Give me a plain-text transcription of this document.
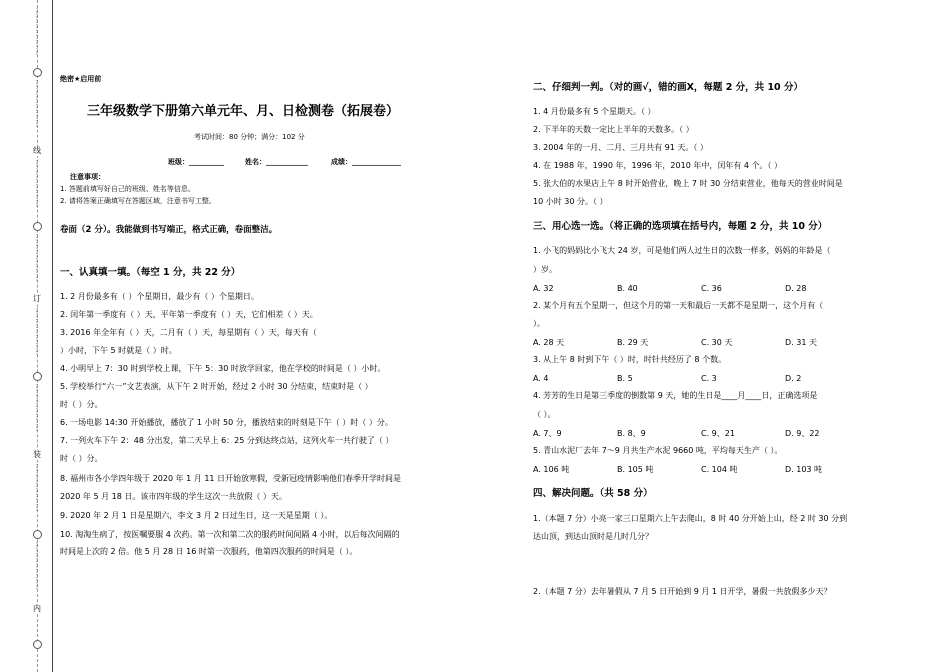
⋮
⋮
⋮
⋮
⋮
⋮
⋮
⋮
⋮
⋮
⋮
⋮
线
⋮
⋮
⋮
⋮
⋮
⋮
⋮
⋮
⋮
⋮
⋮
⋮
订
⋮
⋮
⋮
⋮
⋮
⋮
⋮
⋮
⋮
⋮
⋮
⋮
装
⋮
⋮
⋮
⋮
⋮
⋮
⋮
⋮
⋮
⋮
⋮
⋮
内
绝密★启用前
三年级数学下册第六单元年、月、日检测卷（拓展卷）
考试时间：80 分钟；满分：102 分
班级：__________	姓名：____________	成绩：______________
注意事项：
1. 答题前填写好自己的班级、姓名等信息。
2. 请将答案正确填写在答题区域，注意书写工整。
卷面（2 分）。我能做到书写端正，格式正确，卷面整洁。
一、认真填一填。（每空 1 分，共 22 分）
1. 2 月份最多有（ ）个星期日，最少有（ ）个星期日。
2. 闰年第一季度有（ ）天，平年第一季度有（ ）天，它们相差（ ）天。
3. 2016 年全年有（ ）天，二月有（ ）天，每星期有（ ）天，每天有（
）小时，下午 5 时就是（ ）时。
4. 小明早上 7：30 时到学校上课，下午 5：30 时放学回家，他在学校的时间是（ ）小时。
5. 学校举行“六一”文艺表演，从下午 2 时开始，经过 2 小时 30 分结束，结束时是（ ）
时（ ）分。
6. 一场电影 14:30 开始播放，播放了 1 小时 50 分，播放结束的时刻是下午（ ）时（ ）分。
7. 一列火车下午 2：48 分出发，第二天早上 6：25 分到达终点站，这列火车一共行驶了（ ）
时（ ）分。
8. 福州市各小学四年级于 2020 年 1 月 11 日开始放寒假，受新冠疫情影响他们春季开学时间是
2020 年 5 月 18 日。该市四年级的学生这次一共放假（ ）天。
9. 2020 年 2 月 1 日是星期六，李文 3 月 2 日过生日，这一天是星期（ ）。
10. 淘淘生病了，按医嘱要服 4 次药。第一次和第二次的服药时间间隔 4 小时，以后每次间隔的
时间是上次的 2 倍。他 5 月 28 日 16 时第一次服药，他第四次服药的时间是（ ）。
二、仔细判一判。（对的画√，错的画X，每题 2 分，共 10 分）
1. 4 月份最多有 5 个星期天。（ ）
2. 下半年的天数一定比上半年的天数多。（ ）
3. 2004 年的一月、二月、三月共有 91 天。（ ）
4. 在 1988 年，1990 年，1996 年，2010 年中，闰年有 4 个。（ ）
5. 张大伯的水果店上午 8 时开始营业，晚上 7 时 30 分结束营业，他每天的营业时间是
10 小时 30 分。（ ）
三、用心选一选。（将正确的选项填在括号内，每题 2 分，共 10 分）
1. 小飞的妈妈比小飞大 24 岁，可是他们两人过生日的次数一样多，妈妈的年龄是（
）岁。
A. 32	B. 40	C. 36	D. 28
2. 某个月有五个星期一，但这个月的第一天和最后一天都不是星期一，这个月有（
）。
A. 28 天	B. 29 天	C. 30 天	D. 31 天
3. 从上午 8 时到下午（ ）时，时针共经历了 8 个数。
A. 4	B. 5	C. 3	D. 2
4. 芳芳的生日是第三季度的倒数第 9 天，她的生日是____月____日，正确选项是
（ ）。
A. 7、9	B. 8、9	C. 9、21	D. 9、22
5. 青山水泥厂去年 7～9 月共生产水泥 9660 吨，平均每天生产（ ）。
A. 106 吨	B. 105 吨	C. 104 吨	D. 103 吨
四、解决问题。（共 58 分）
1.（本题 7 分）小亮一家三口星期六上午去爬山，8 时 40 分开始上山，经 2 时 30 分到
达山顶，到达山顶时是几时几分？
2.（本题 7 分）去年暑假从 7 月 5 日开始到 9 月 1 日开学，暑假一共放假多少天？
